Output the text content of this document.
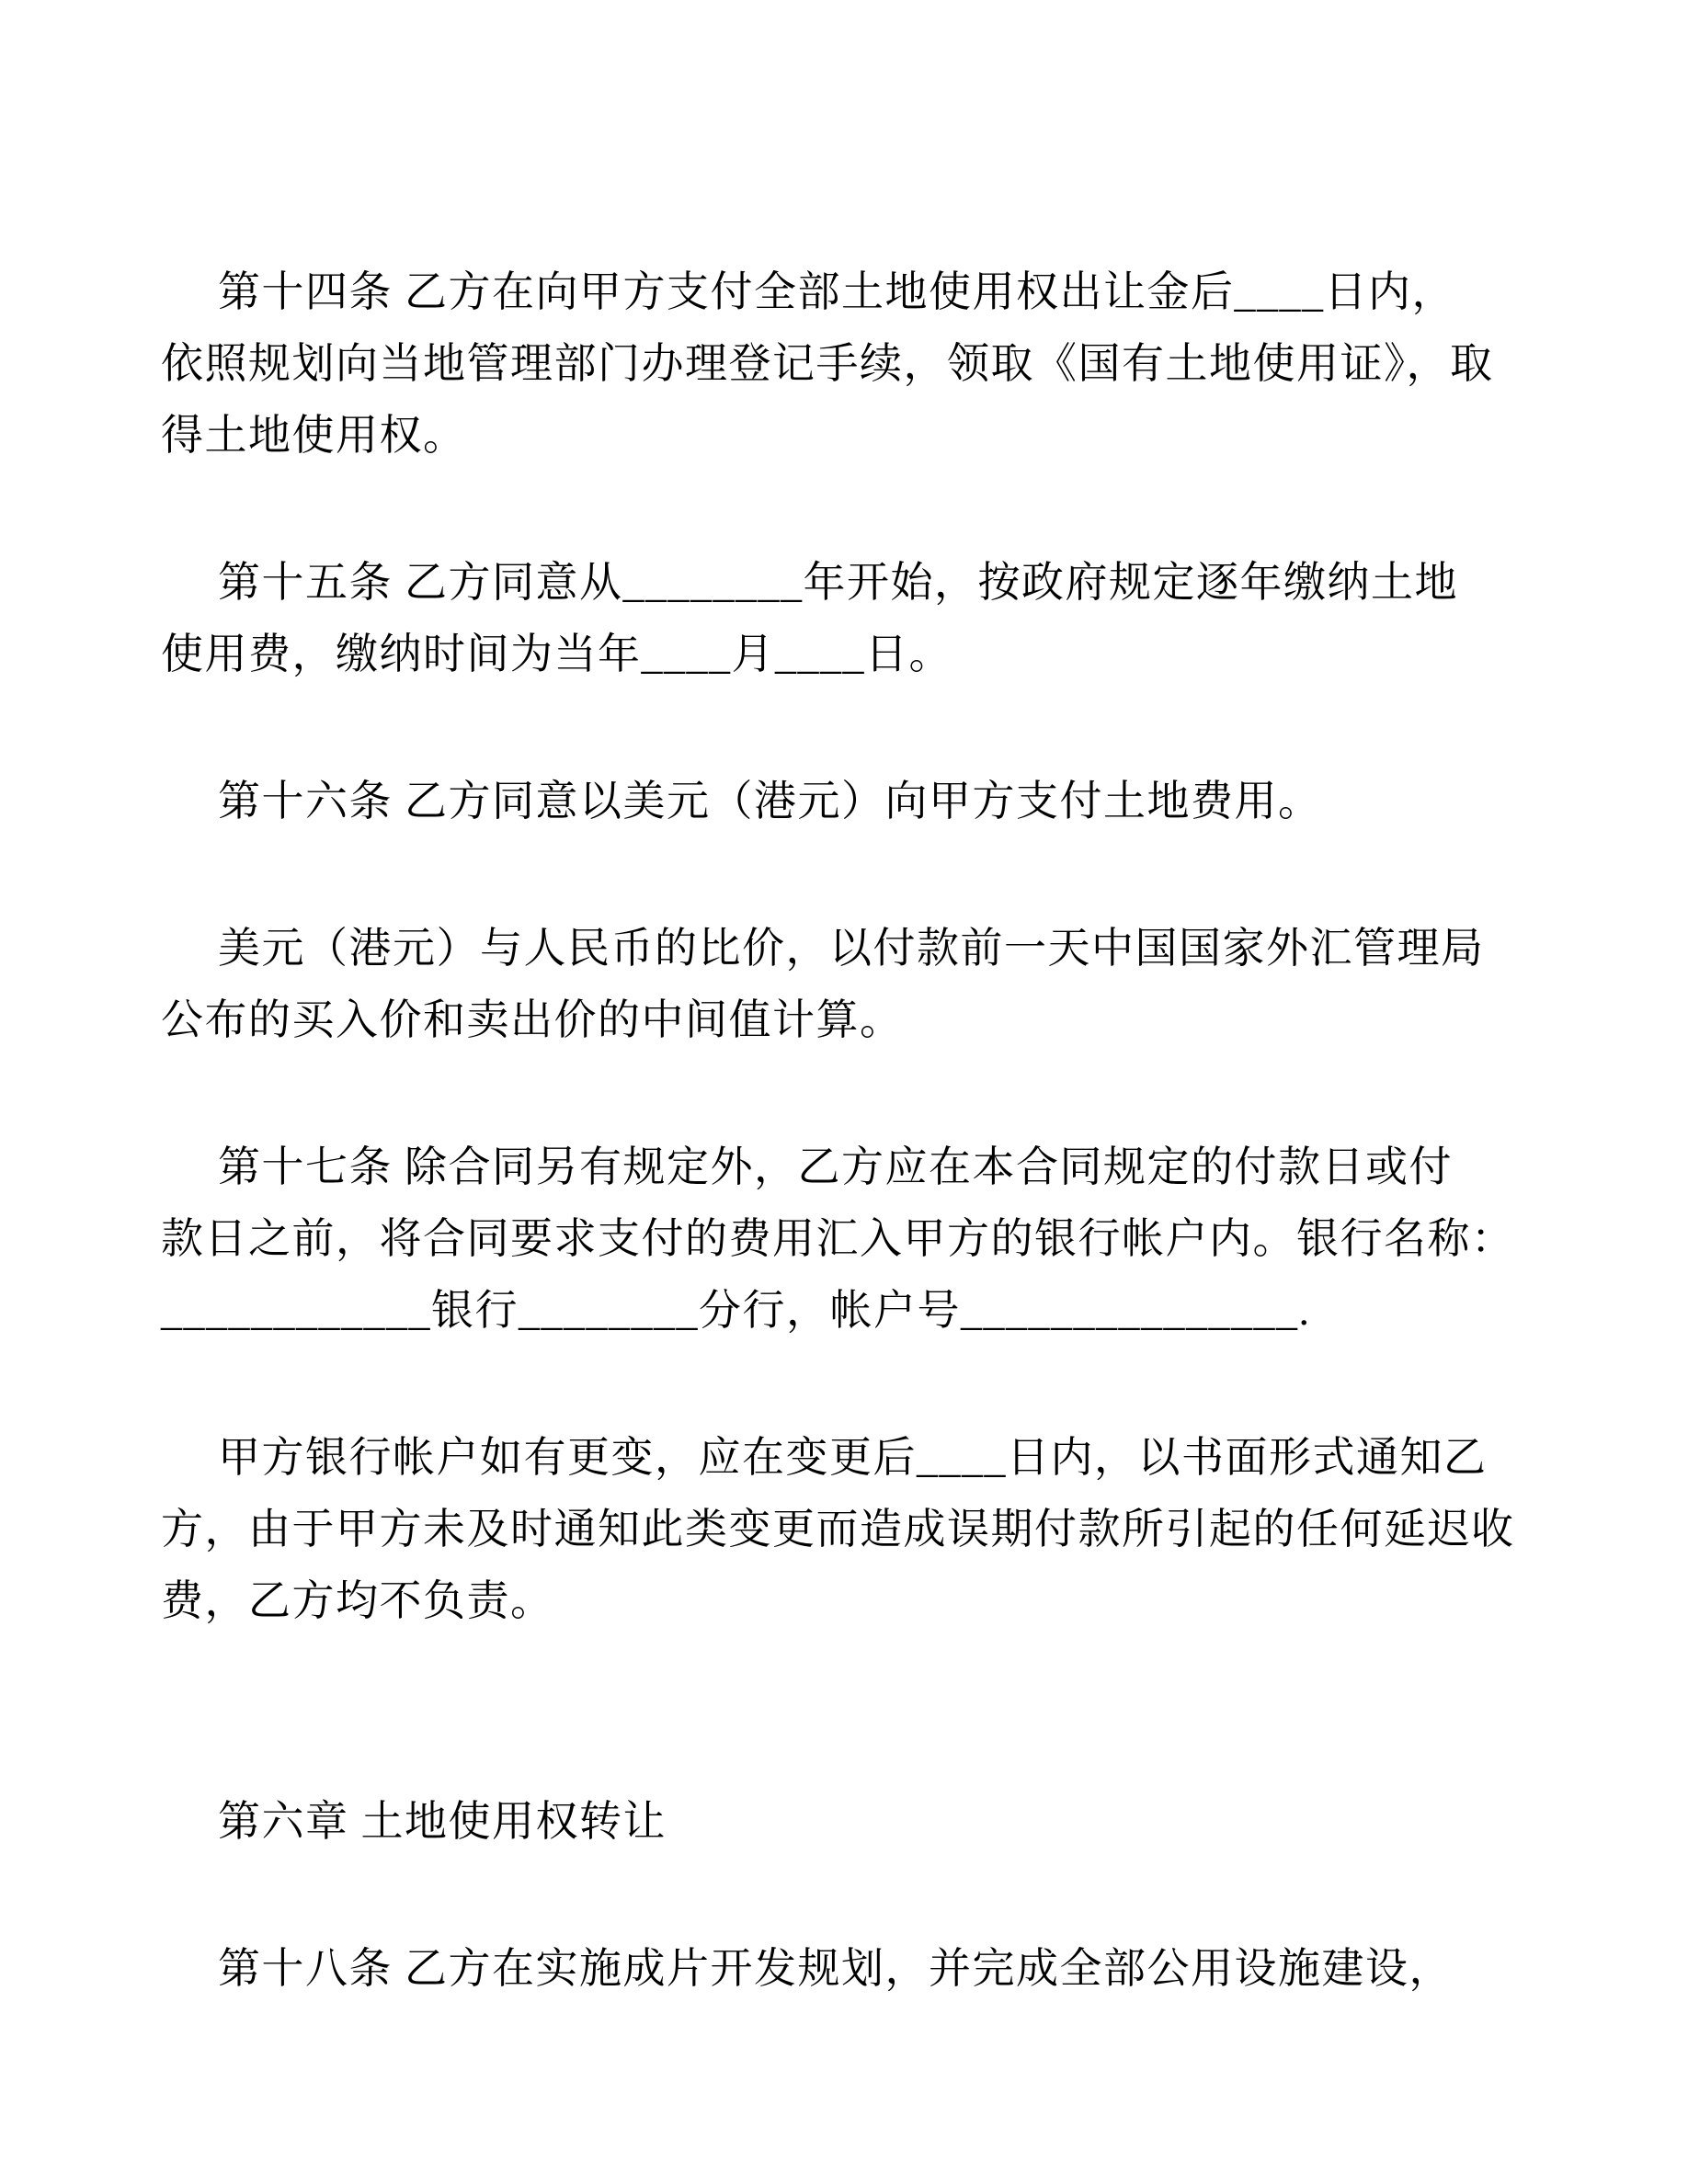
第十四条 乙方在向甲方支付全部土地使用权出让金后____日内，
依照规划向当地管理部门办理登记手续，领取《国有土地使用证》，取
得土地使用权。
第十五条 乙方同意从________年开始，按政府规定逐年缴纳土地
使用费，缴纳时间为当年____月____日。
第十六条 乙方同意以美元（港元）向甲方支付土地费用。
美元（港元）与人民币的比价，以付款前一天中国国家外汇管理局
公布的买入价和卖出价的中间值计算。
第十七条 除合同另有规定外，乙方应在本合同规定的付款日或付
款日之前，将合同要求支付的费用汇入甲方的银行帐户内。银行名称：
____________银行________分行，帐户号_______________.
甲方银行帐户如有更变，应在变更后____日内，以书面形式通知乙
方，由于甲方未及时通知此类变更而造成误期付款所引起的任何延迟收
费，乙方均不负责。
第六章 土地使用权转让
第十八条 乙方在实施成片开发规划，并完成全部公用设施建设，
